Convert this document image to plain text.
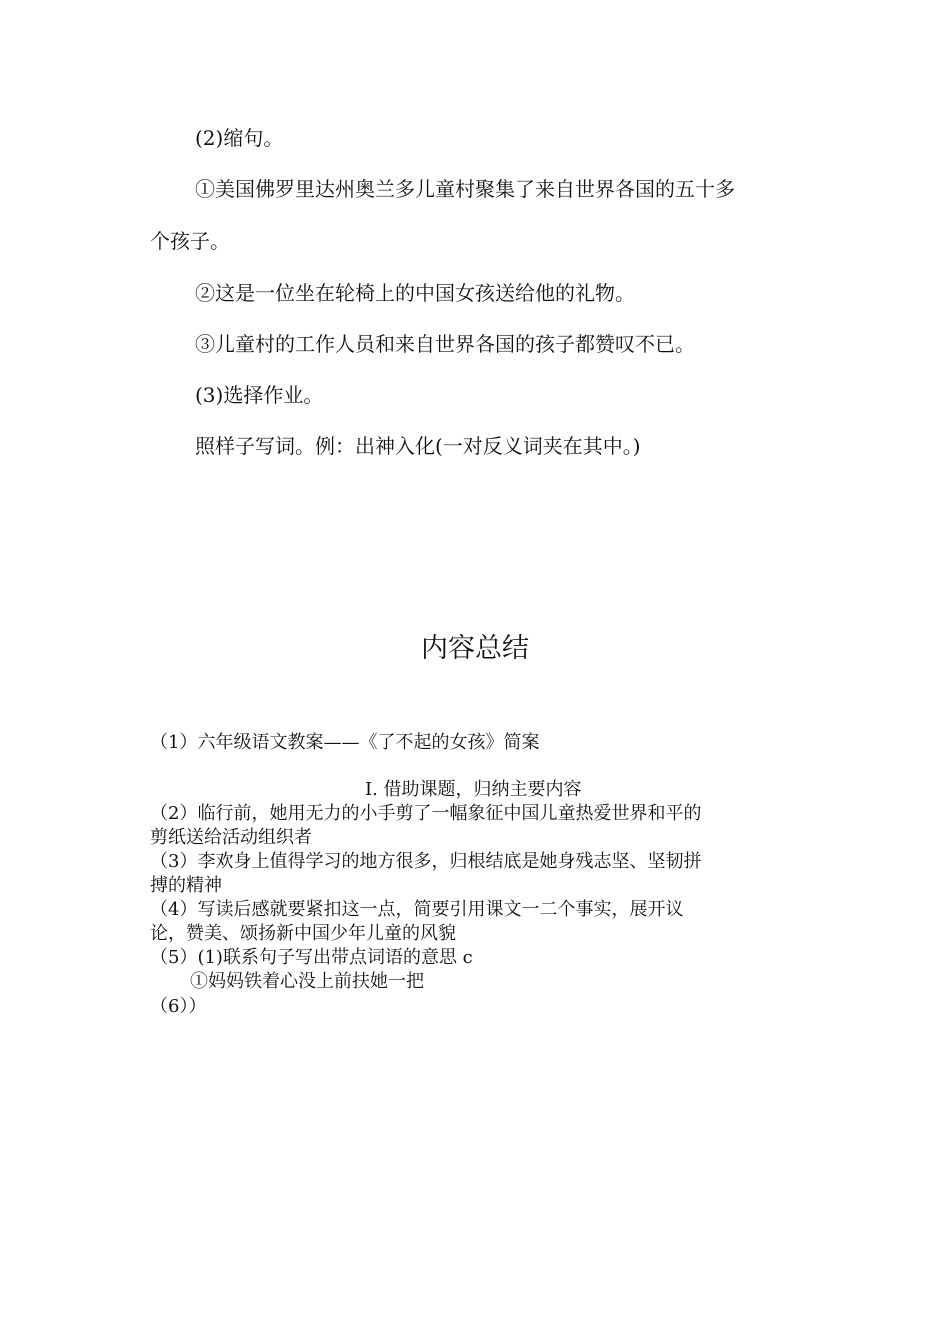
(2)缩句。
①美国佛罗里达州奥兰多儿童村聚集了来自世界各国的五十多
个孩子。
②这是一位坐在轮椅上的中国女孩送给他的礼物。
③儿童村的工作人员和来自世界各国的孩子都赞叹不已。
(3)选择作业。
照样子写词。例：出神入化(一对反义词夹在其中。)
内容总结
（1）六年级语文教案——《了不起的女孩》简案
I. 借助课题，归纳主要内容
（2）临行前，她用无力的小手剪了一幅象征中国儿童热爱世界和平的
剪纸送给活动组织者
（3）李欢身上值得学习的地方很多，归根结底是她身残志坚、坚韧拼
搏的精神
（4）写读后感就要紧扣这一点，简要引用课文一二个事实，展开议
论，赞美、颂扬新中国少年儿童的风貌
（5）(1)联系句子写出带点词语的意思 c
①妈妈铁着心没上前扶她一把
（6））
